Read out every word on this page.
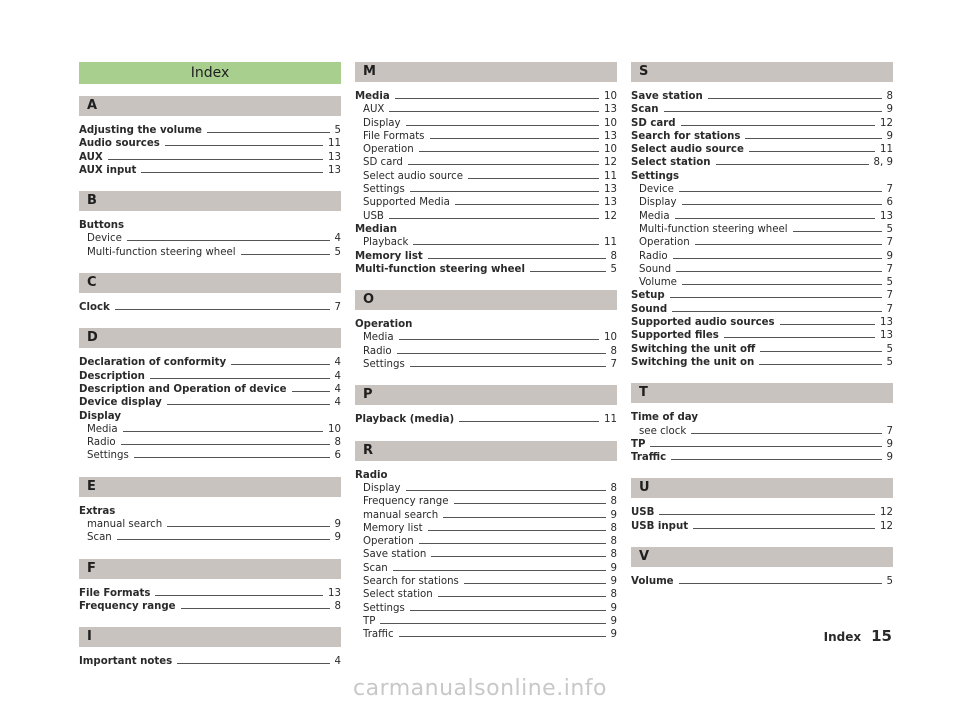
Index
A
Adjusting the volume	5
Audio sources	11
AUX	13
AUX input	13
B
Buttons
Device	4
Multi-function steering wheel	5
C
Clock	7
D
Declaration of conformity	4
Description	4
Description and Operation of device	4
Device display	4
Display
Media	10
Radio	8
Settings	6
E
Extras
manual search	9
Scan	9
F
File Formats	13
Frequency range	8
I
Important notes	4
M
Media	10
AUX	13
Display	10
File Formats	13
Operation	10
SD card	12
Select audio source	11
Settings	13
Supported Media	13
USB	12
Median
Playback	11
Memory list	8
Multi-function steering wheel	5
O
Operation
Media	10
Radio	8
Settings	7
P
Playback (media)	11
R
Radio
Display	8
Frequency range	8
manual search	9
Memory list	8
Operation	8
Save station	8
Scan	9
Search for stations	9
Select station	8
Settings	9
TP	9
Traffic	9
S
Save station	8
Scan	9
SD card	12
Search for stations	9
Select audio source	11
Select station	8, 9
Settings
Device	7
Display	6
Media	13
Multi-function steering wheel	5
Operation	7
Radio	9
Sound	7
Volume	5
Setup	7
Sound	7
Supported audio sources	13
Supported files	13
Switching the unit off	5
Switching the unit on	5
T
Time of day
see clock	7
TP	9
Traffic	9
U
USB	12
USB input	12
V
Volume	5
Index 15
carmanualsonline.info
